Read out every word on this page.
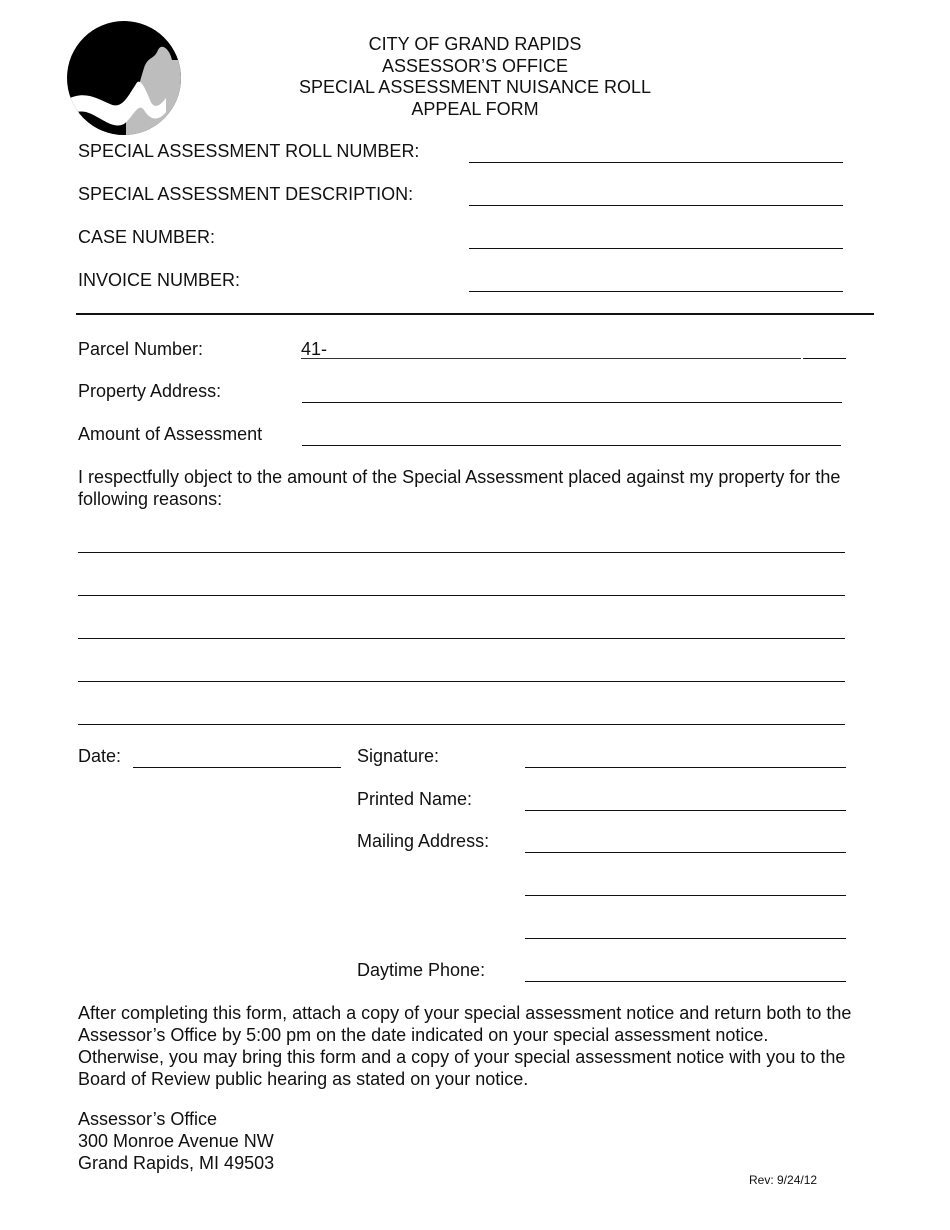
CITY OF GRAND RAPIDS
ASSESSOR’S OFFICE
SPECIAL ASSESSMENT NUISANCE ROLL
APPEAL FORM
SPECIAL ASSESSMENT ROLL NUMBER:
SPECIAL ASSESSMENT DESCRIPTION:
CASE NUMBER:
INVOICE NUMBER:
Parcel Number:	41-
Property Address:
Amount of Assessment
I respectfully object to the amount of the Special Assessment placed against my property for the following reasons:
Date:	Signature:
Printed Name:
Mailing Address:
Daytime Phone:
After completing this form, attach a copy of your special assessment notice and return both to the Assessor’s Office by 5:00 pm on the date indicated on your special assessment notice. Otherwise, you may bring this form and a copy of your special assessment notice with you to the Board of Review public hearing as stated on your notice.
Assessor’s Office
300 Monroe Avenue NW
Grand Rapids, MI 49503
Rev: 9/24/12
